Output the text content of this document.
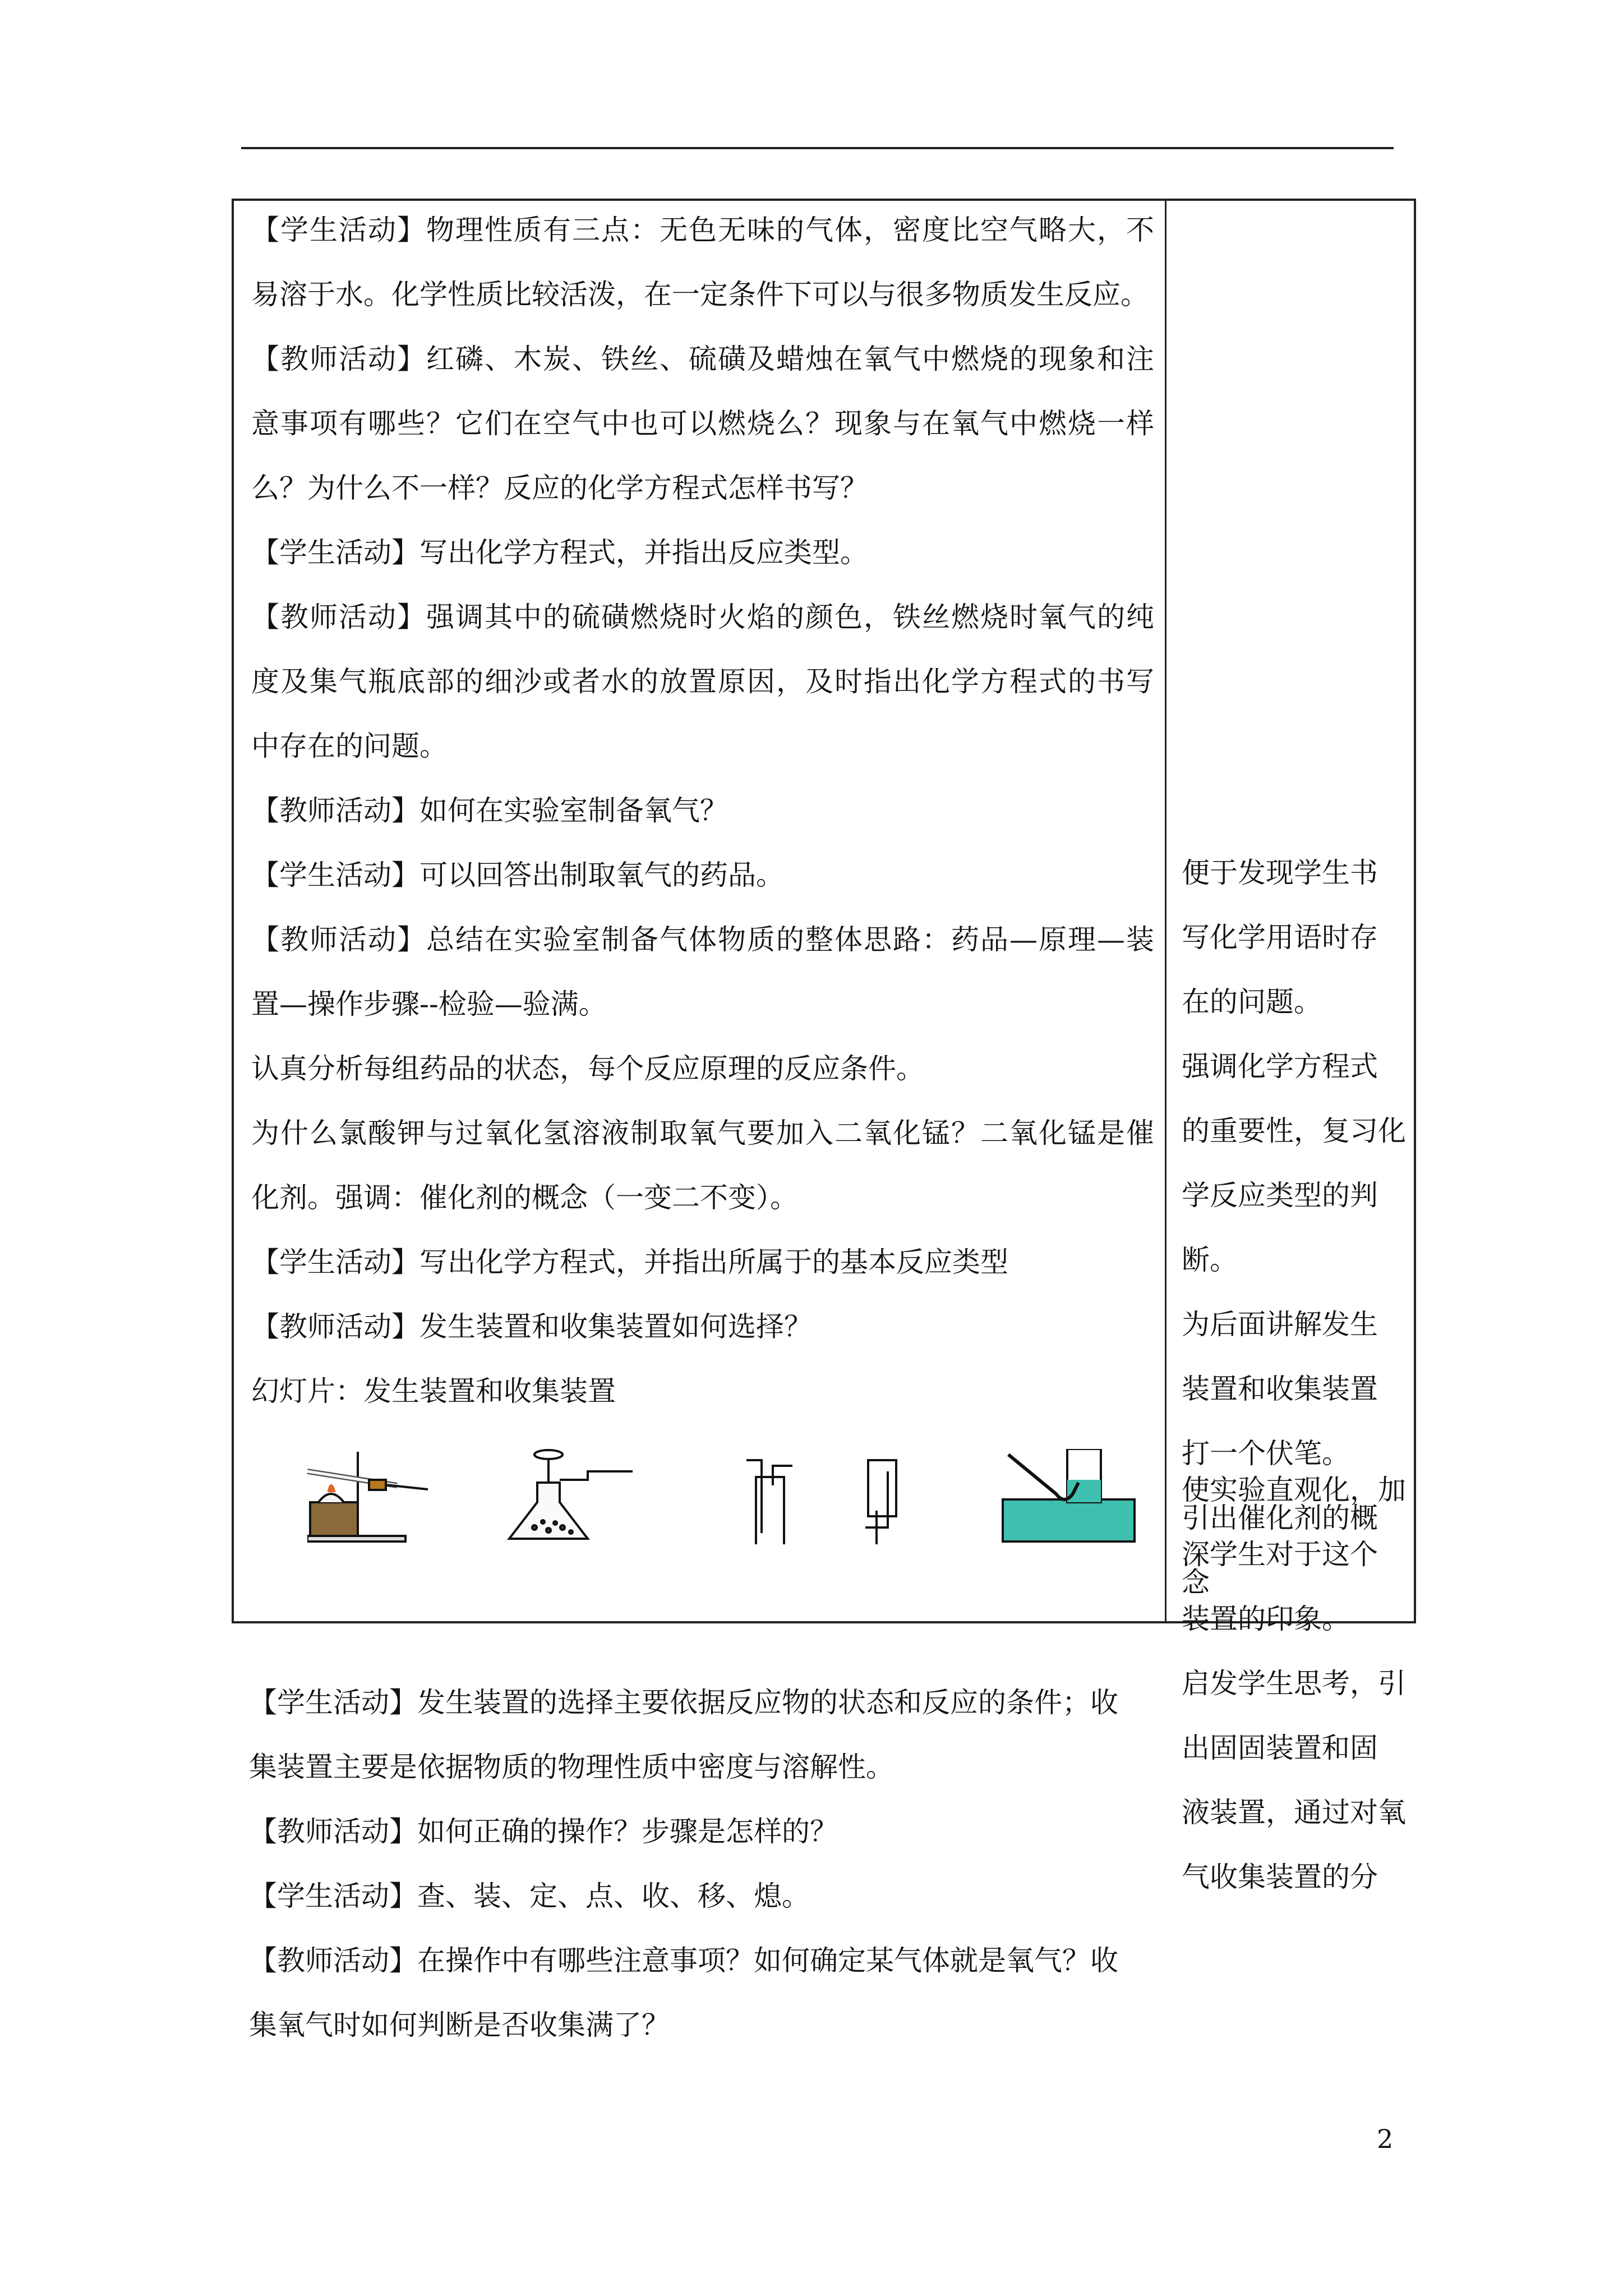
【学生活动】物理性质有三点：无色无味的气体，密度比空气略大，不
易溶于水。化学性质比较活泼，在一定条件下可以与很多物质发生反应。
【教师活动】红磷、木炭、铁丝、硫磺及蜡烛在氧气中燃烧的现象和注
意事项有哪些？它们在空气中也可以燃烧么？现象与在氧气中燃烧一样
么？为什么不一样？反应的化学方程式怎样书写？
【学生活动】写出化学方程式，并指出反应类型。
【教师活动】强调其中的硫磺燃烧时火焰的颜色，铁丝燃烧时氧气的纯
度及集气瓶底部的细沙或者水的放置原因，及时指出化学方程式的书写
中存在的问题。
【教师活动】如何在实验室制备氧气？
【学生活动】可以回答出制取氧气的药品。
【教师活动】总结在实验室制备气体物质的整体思路：药品—原理—装
置—操作步骤--检验—验满。
认真分析每组药品的状态，每个反应原理的反应条件。
为什么氯酸钾与过氧化氢溶液制取氧气要加入二氧化锰？二氧化锰是催
化剂。强调：催化剂的概念（一变二不变）。
【学生活动】写出化学方程式，并指出所属于的基本反应类型
【教师活动】发生装置和收集装置如何选择？
幻灯片：发生装置和收集装置
便于发现学生书
写化学用语时存
在的问题。
强调化学方程式
的重要性，复习化
学反应类型的判
断。
为后面讲解发生
装置和收集装置
打一个伏笔。
引出催化剂的概
念
【学生活动】发生装置的选择主要依据反应物的状态和反应的条件；收
集装置主要是依据物质的物理性质中密度与溶解性。
【教师活动】如何正确的操作？步骤是怎样的？
【学生活动】查、装、定、点、收、移、熄。
【教师活动】在操作中有哪些注意事项？如何确定某气体就是氧气？收
集氧气时如何判断是否收集满了？
使实验直观化，加
深学生对于这个
装置的印象。
启发学生思考，引
出固固装置和固
液装置，通过对氧
气收集装置的分
2
